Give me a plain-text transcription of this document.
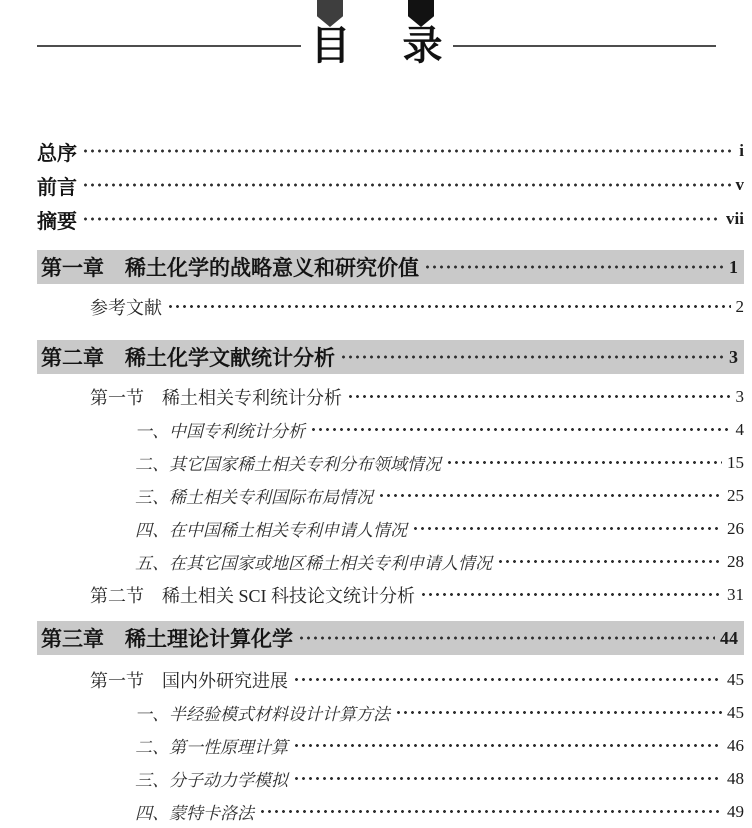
目 录
总序	i
前言	v
摘要	vii
第一章　稀土化学的战略意义和研究价值	1
参考文献	2
第二章　稀土化学文献统计分析	3
第一节　稀土相关专利统计分析	3
一、中国专利统计分析	4
二、其它国家稀土相关专利分布领域情况	15
三、稀土相关专利国际布局情况	25
四、在中国稀土相关专利申请人情况	26
五、在其它国家或地区稀土相关专利申请人情况	28
第二节　稀土相关 SCI 科技论文统计分析	31
第三章　稀土理论计算化学	44
第一节　国内外研究进展	45
一、半经验模式材料设计计算方法	45
二、第一性原理计算	46
三、分子动力学模拟	48
四、蒙特卡洛法	49
